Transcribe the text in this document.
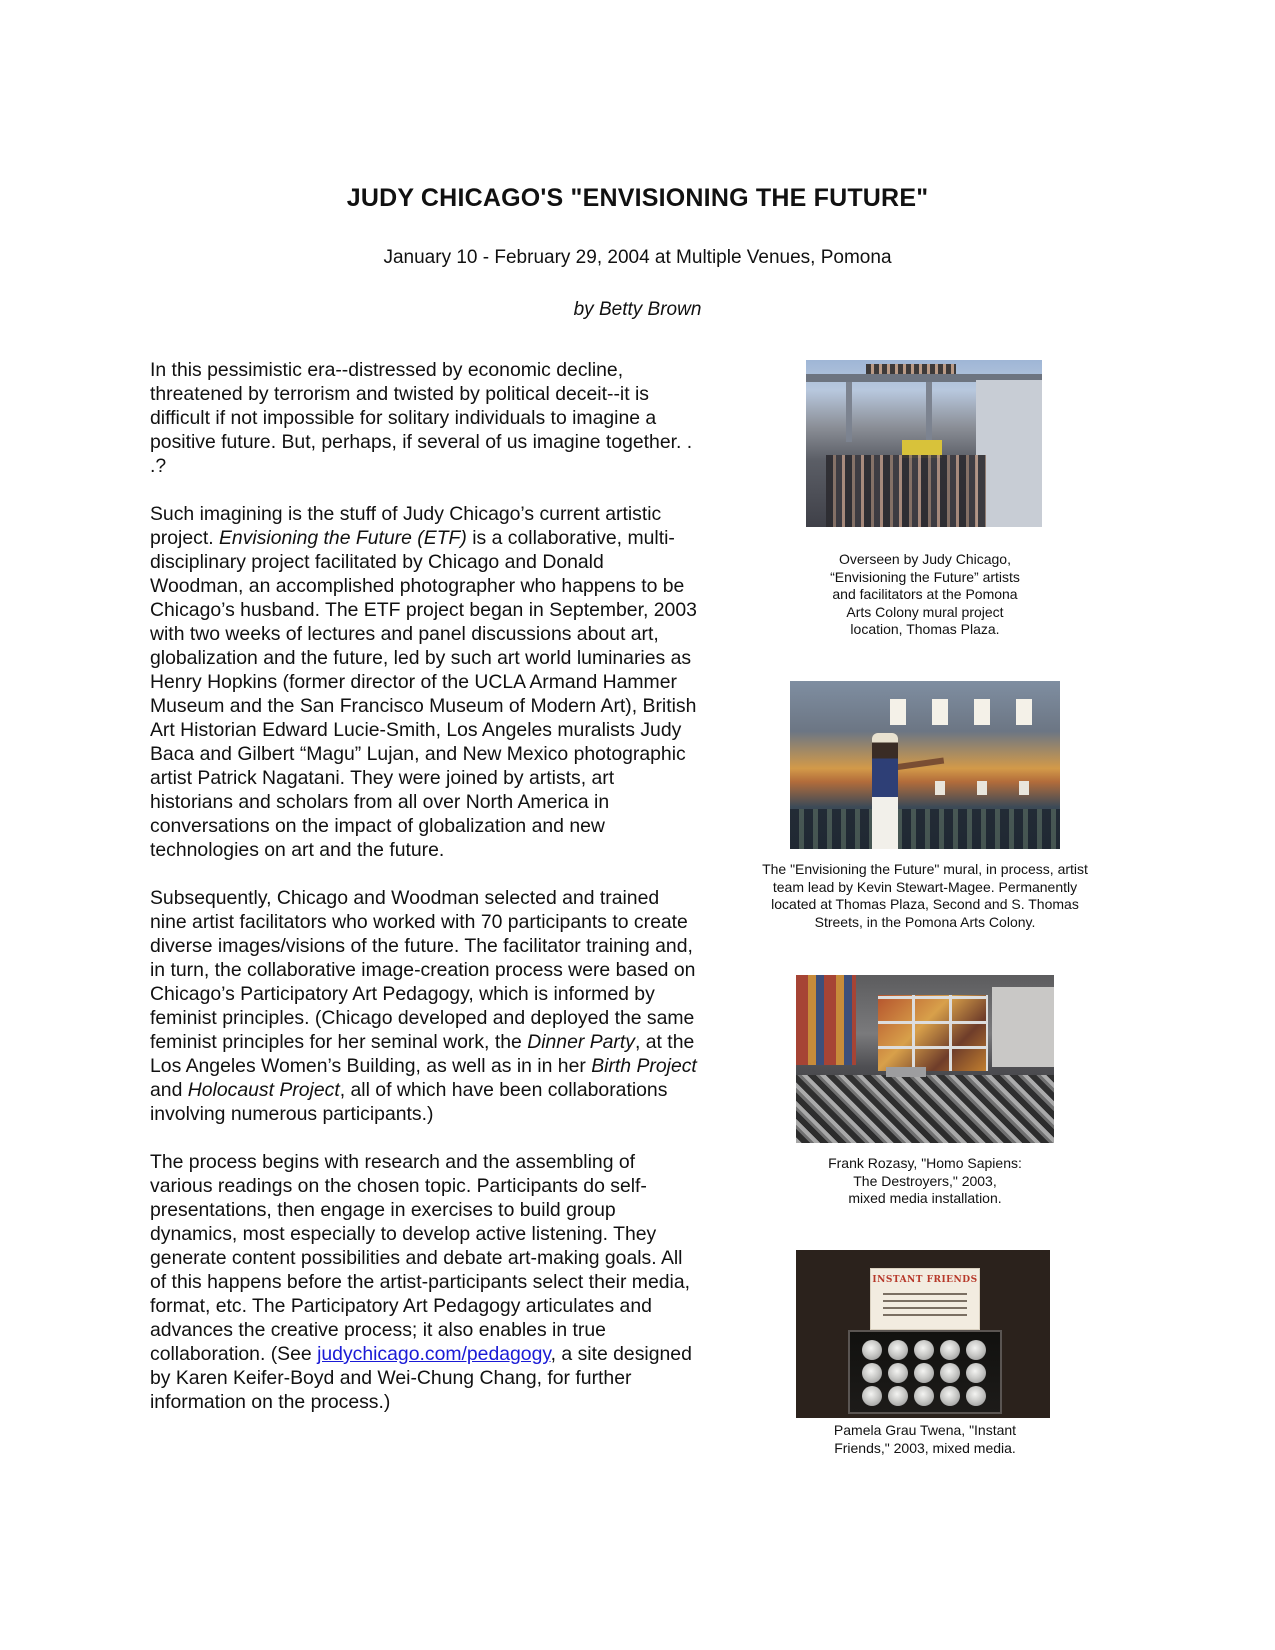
JUDY CHICAGO'S "ENVISIONING THE FUTURE"
January 10 - February 29, 2004 at Multiple Venues, Pomona
by Betty Brown

In this pessimistic era--distressed by economic decline, threatened by terrorism and twisted by political deceit--it is difficult if not impossible for solitary individuals to imagine a positive future. But, perhaps, if several of us imagine together. . .?

Such imagining is the stuff of Judy Chicago’s current artistic project. Envisioning the Future (ETF) is a collaborative, multi-disciplinary project facilitated by Chicago and Donald Woodman, an accomplished photographer who happens to be Chicago’s husband. The ETF project began in September, 2003 with two weeks of lectures and panel discussions about art, globalization and the future, led by such art world luminaries as Henry Hopkins (former director of the UCLA Armand Hammer Museum and the San Francisco Museum of Modern Art), British Art Historian Edward Lucie-Smith, Los Angeles muralists Judy Baca and Gilbert “Magu” Lujan, and New Mexico photographic artist Patrick Nagatani. They were joined by artists, art historians and scholars from all over North America in conversations on the impact of globalization and new technologies on art and the future.

Subsequently, Chicago and Woodman selected and trained nine artist facilitators who worked with 70 participants to create diverse images/visions of the future. The facilitator training and, in turn, the collaborative image-creation process were based on Chicago’s Participatory Art Pedagogy, which is informed by feminist principles. (Chicago developed and deployed the same feminist principles for her seminal work, the Dinner Party, at the Los Angeles Women’s Building, as well as in in her Birth Project and Holocaust Project, all of which have been collaborations involving numerous participants.)

The process begins with research and the assembling of various readings on the chosen topic. Participants do self-presentations, then engage in exercises to build group dynamics, most especially to develop active listening. They generate content possibilities and debate art-making goals. All of this happens before the artist-participants select their media, format, etc. The Participatory Art Pedagogy articulates and advances the creative process; it also enables in true collaboration. (See judychicago.com/pedagogy, a site designed by Karen Keifer-Boyd and Wei-Chung Chang, for further information on the process.)

Overseen by Judy Chicago,
“Envisioning the Future” artists
and facilitators at the Pomona
Arts Colony mural project
location, Thomas Plaza.
The "Envisioning the Future" mural, in process, artist
team lead by Kevin Stewart-Magee. Permanently
located at Thomas Plaza, Second and S. Thomas
Streets, in the Pomona Arts Colony.
Frank Rozasy, "Homo Sapiens:
The Destroyers," 2003,
mixed media installation.
INSTANT FRIENDS
Pamela Grau Twena, "Instant
Friends," 2003, mixed media.
